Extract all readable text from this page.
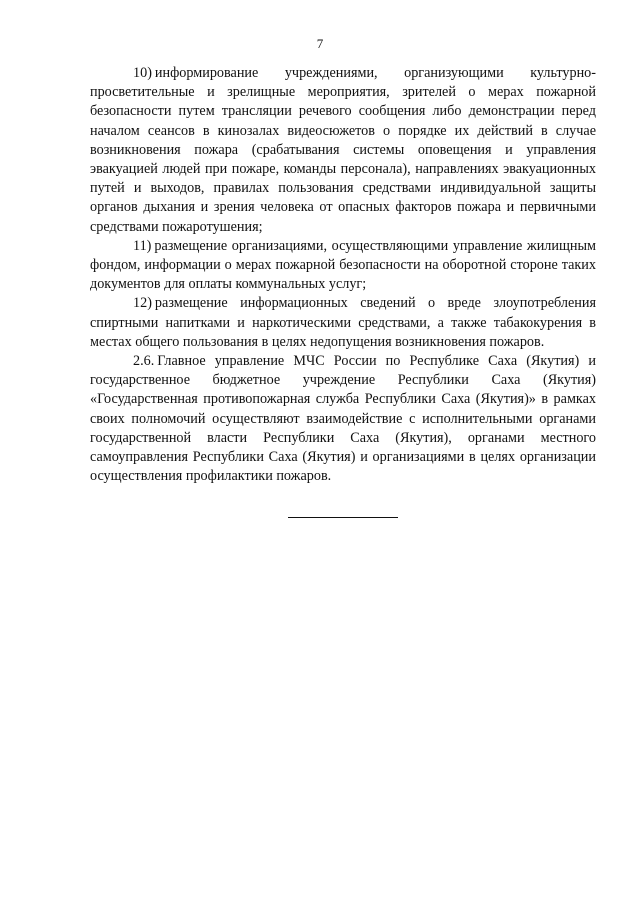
7

10) информирование учреждениями, организующими культурно-просветительные и зрелищные мероприятия, зрителей о мерах пожарной безопасности путем трансляции речевого сообщения либо демонстрации перед началом сеансов в кинозалах видеосюжетов о порядке их действий в случае возникновения пожара (срабатывания системы оповещения и управления эвакуацией людей при пожаре, команды персонала), направлениях эвакуационных путей и выходов, правилах пользования средствами индивидуальной защиты органов дыхания и зрения человека от опасных факторов пожара и первичными средствами пожаротушения;

11) размещение организациями, осуществляющими управление жилищным фондом, информации о мерах пожарной безопасности на оборотной стороне таких документов для оплаты коммунальных услуг;

12) размещение информационных сведений о вреде злоупотребления спиртными напитками и наркотическими средствами, а также табакокурения в местах общего пользования в целях недопущения возникновения пожаров.

2.6. Главное управление МЧС России по Республике Саха (Якутия) и государственное бюджетное учреждение Республики Саха (Якутия) «Государственная противопожарная служба Республики Саха (Якутия)» в рамках своих полномочий осуществляют взаимодействие с исполнительными органами государственной власти Республики Саха (Якутия), органами местного самоуправления Республики Саха (Якутия) и организациями в целях организации осуществления профилактики пожаров.
